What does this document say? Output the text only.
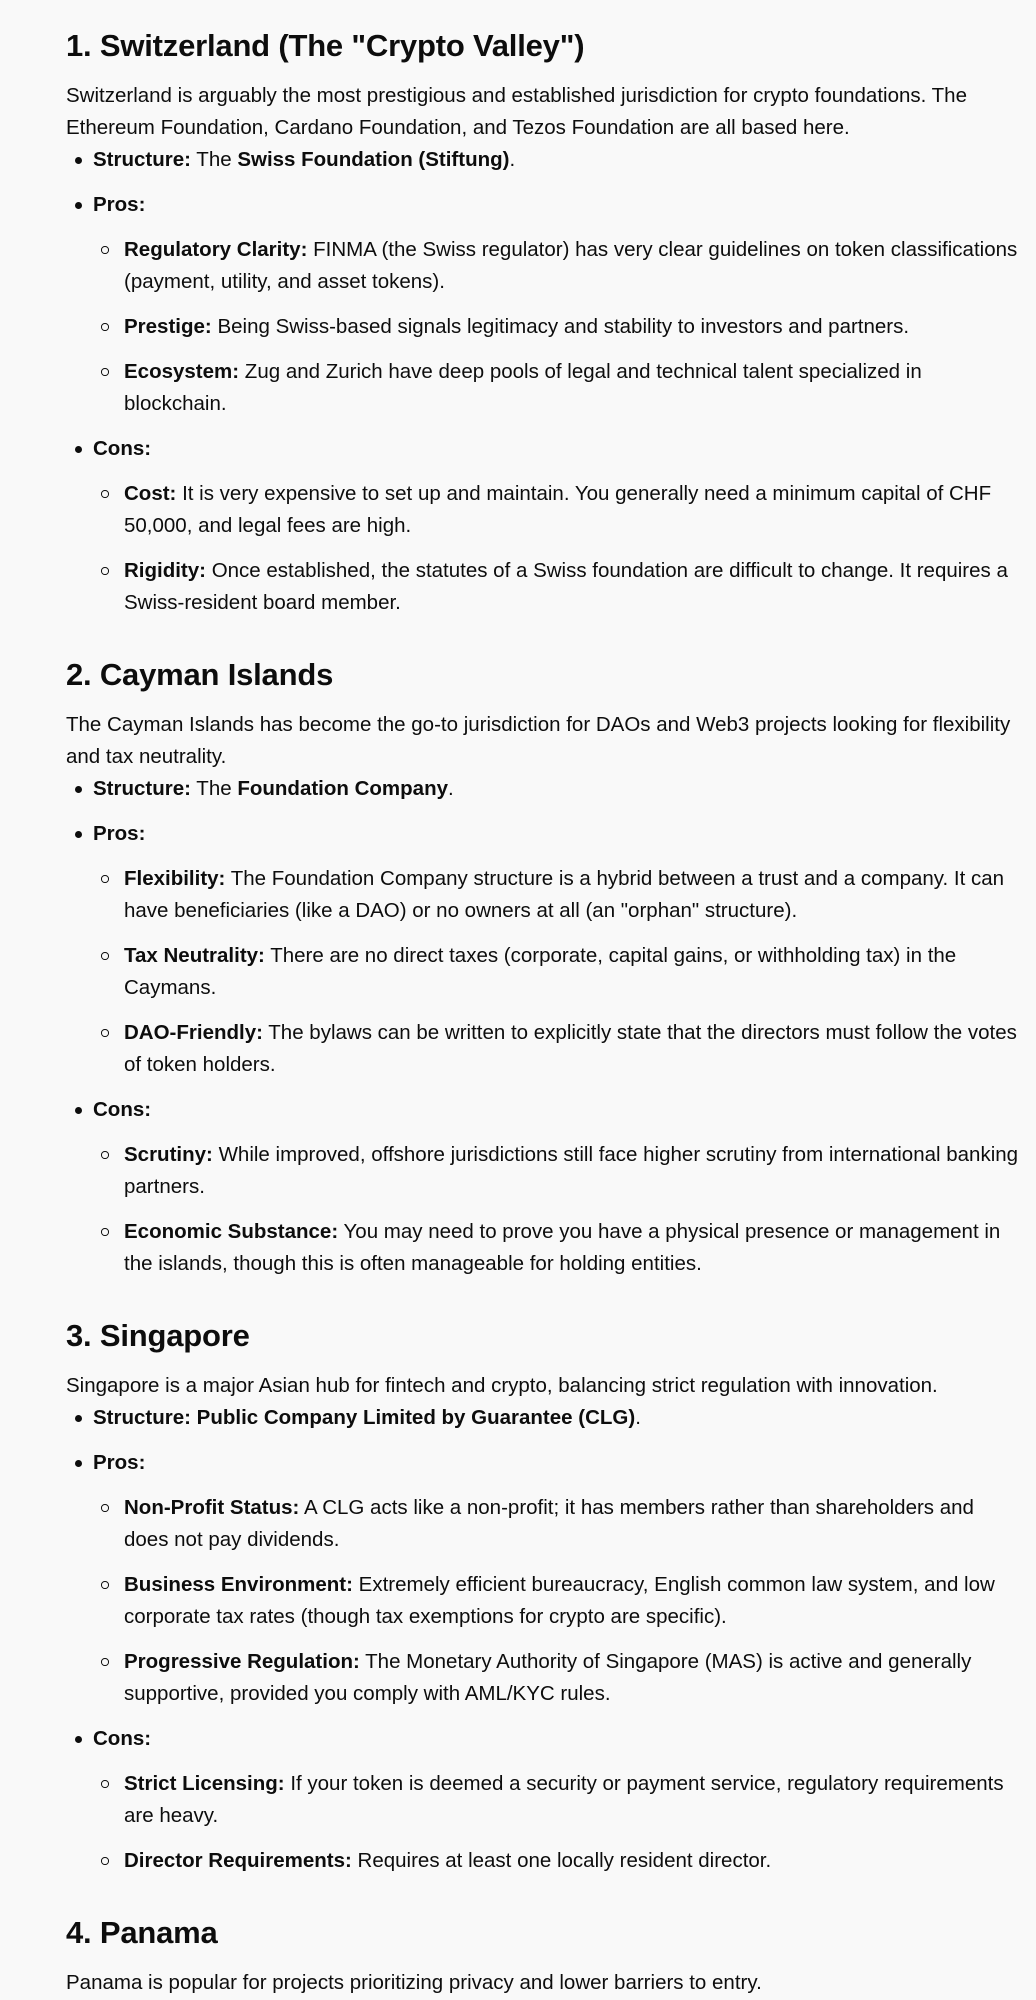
1. Switzerland (The "Crypto Valley")

Switzerland is arguably the most prestigious and established jurisdiction for crypto foundations. The Ethereum Foundation, Cardano Foundation, and Tezos Foundation are all based here.

Structure: The Swiss Foundation (Stiftung).
Pros:
Regulatory Clarity: FINMA (the Swiss regulator) has very clear guidelines on token classifications (payment, utility, and asset tokens).
Prestige: Being Swiss-based signals legitimacy and stability to investors and partners.
Ecosystem: Zug and Zurich have deep pools of legal and technical talent specialized in blockchain.
Cons:
Cost: It is very expensive to set up and maintain. You generally need a minimum capital of CHF 50,000, and legal fees are high.
Rigidity: Once established, the statutes of a Swiss foundation are difficult to change. It requires a Swiss-resident board member.
2. Cayman Islands

The Cayman Islands has become the go-to jurisdiction for DAOs and Web3 projects looking for flexibility and tax neutrality.

Structure: The Foundation Company.
Pros:
Flexibility: The Foundation Company structure is a hybrid between a trust and a company. It can have beneficiaries (like a DAO) or no owners at all (an "orphan" structure).
Tax Neutrality: There are no direct taxes (corporate, capital gains, or withholding tax) in the Caymans.
DAO-Friendly: The bylaws can be written to explicitly state that the directors must follow the votes of token holders.
Cons:
Scrutiny: While improved, offshore jurisdictions still face higher scrutiny from international banking partners.
Economic Substance: You may need to prove you have a physical presence or management in the islands, though this is often manageable for holding entities.
3. Singapore

Singapore is a major Asian hub for fintech and crypto, balancing strict regulation with innovation.

Structure: Public Company Limited by Guarantee (CLG).
Pros:
Non-Profit Status: A CLG acts like a non-profit; it has members rather than shareholders and does not pay dividends.
Business Environment: Extremely efficient bureaucracy, English common law system, and low corporate tax rates (though tax exemptions for crypto are specific).
Progressive Regulation: The Monetary Authority of Singapore (MAS) is active and generally supportive, provided you comply with AML/KYC rules.
Cons:
Strict Licensing: If your token is deemed a security or payment service, regulatory requirements are heavy.
Director Requirements: Requires at least one locally resident director.
4. Panama

Panama is popular for projects prioritizing privacy and lower barriers to entry.
